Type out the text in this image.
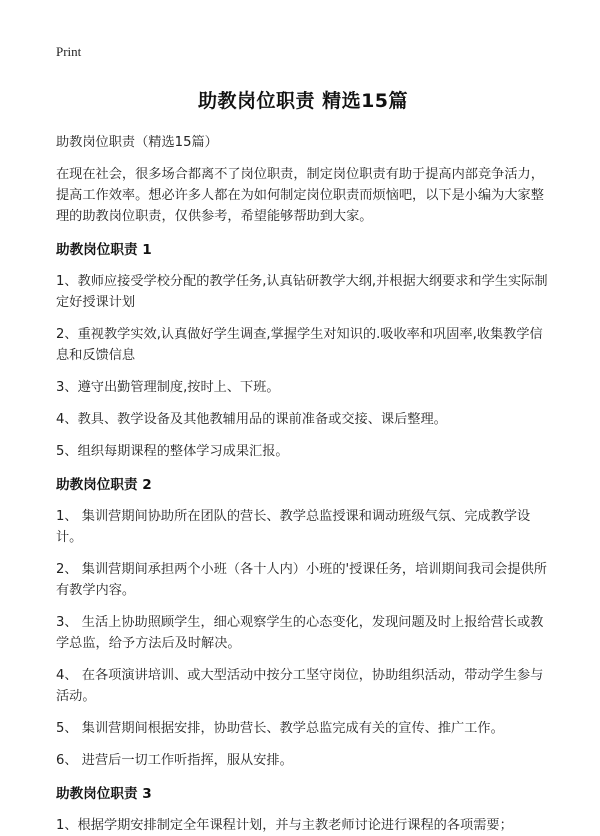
Print
助教岗位职责 精选15篇

助教岗位职责（精选15篇）

在现在社会，很多场合都离不了岗位职责，制定岗位职责有助于提高内部竞争活力，提高工作效率。想必许多人都在为如何制定岗位职责而烦恼吧，以下是小编为大家整理的助教岗位职责，仅供参考，希望能够帮助到大家。

助教岗位职责 1

1、教师应接受学校分配的教学任务,认真钻研教学大纲,并根据大纲要求和学生实际制定好授课计划

2、重视教学实效,认真做好学生调查,掌握学生对知识的.吸收率和巩固率,收集教学信息和反馈信息

3、遵守出勤管理制度,按时上、下班。

4、教具、教学设备及其他教辅用品的课前准备或交接、课后整理。

5、组织每期课程的整体学习成果汇报。

助教岗位职责 2

1、 集训营期间协助所在团队的营长、教学总监授课和调动班级气氛、完成教学设计。

2、 集训营期间承担两个小班（各十人内）小班的'授课任务，培训期间我司会提供所有教学内容。

3、 生活上协助照顾学生，细心观察学生的心态变化，发现问题及时上报给营长或教学总监，给予方法后及时解决。

4、 在各项演讲培训、或大型活动中按分工坚守岗位，协助组织活动，带动学生参与活动。

5、 集训营期间根据安排，协助营长、教学总监完成有关的宣传、推广工作。

6、 进营后一切工作听指挥，服从安排。

助教岗位职责 3

1、根据学期安排制定全年课程计划，并与主教老师讨论进行课程的各项需要；
